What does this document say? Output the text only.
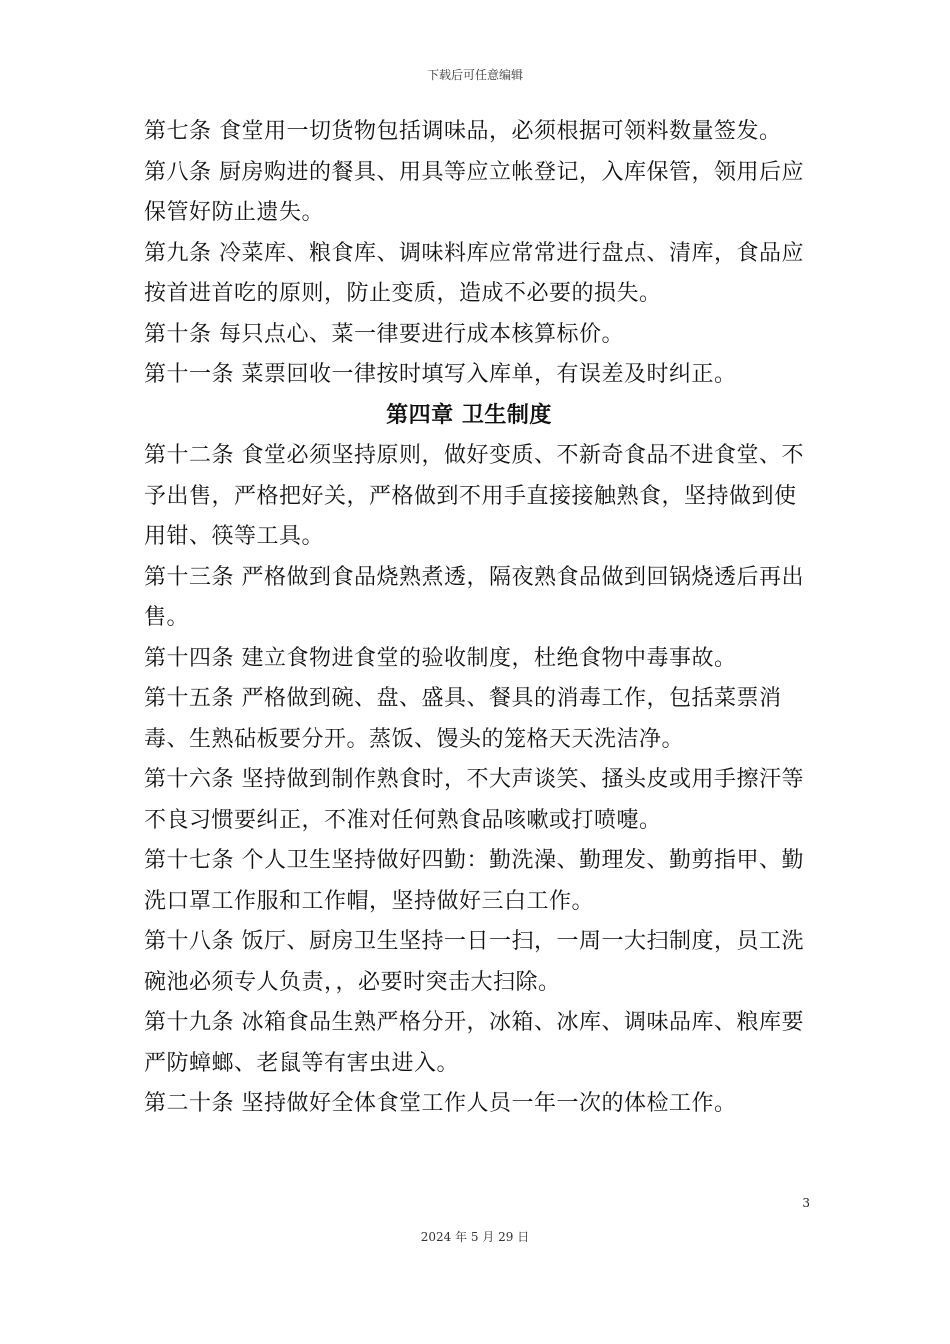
下载后可任意编辑

第七条 食堂用一切货物包括调味品，必须根据可领料数量签发。

第八条 厨房购进的餐具、用具等应立帐登记，入库保管，领用后应保管好防止遗失。

第九条 冷菜库、粮食库、调味料库应常常进行盘点、清库，食品应按首进首吃的原则，防止变质，造成不必要的损失。

第十条 每只点心、菜一律要进行成本核算标价。

第十一条 菜票回收一律按时填写入库单，有误差及时纠正。

第四章 卫生制度

第十二条 食堂必须坚持原则，做好变质、不新奇食品不进食堂、不予出售，严格把好关，严格做到不用手直接接触熟食，坚持做到使用钳、筷等工具。

第十三条 严格做到食品烧熟煮透，隔夜熟食品做到回锅烧透后再出售。

第十四条 建立食物进食堂的验收制度，杜绝食物中毒事故。

第十五条 严格做到碗、盘、盛具、餐具的消毒工作，包括菜票消毒、生熟砧板要分开。蒸饭、馒头的笼格天天洗洁净。

第十六条 坚持做到制作熟食时，不大声谈笑、搔头皮或用手擦汗等不良习惯要纠正，不准对任何熟食品咳嗽或打喷嚏。

第十七条 个人卫生坚持做好四勤：勤洗澡、勤理发、勤剪指甲、勤洗口罩工作服和工作帽，坚持做好三白工作。

第十八条 饭厅、厨房卫生坚持一日一扫，一周一大扫制度，员工洗碗池必须专人负责，，必要时突击大扫除。

第十九条 冰箱食品生熟严格分开，冰箱、冰库、调味品库、粮库要严防蟑螂、老鼠等有害虫进入。

第二十条 坚持做好全体食堂工作人员一年一次的体检工作。

3
2024 年 5 月 29 日
